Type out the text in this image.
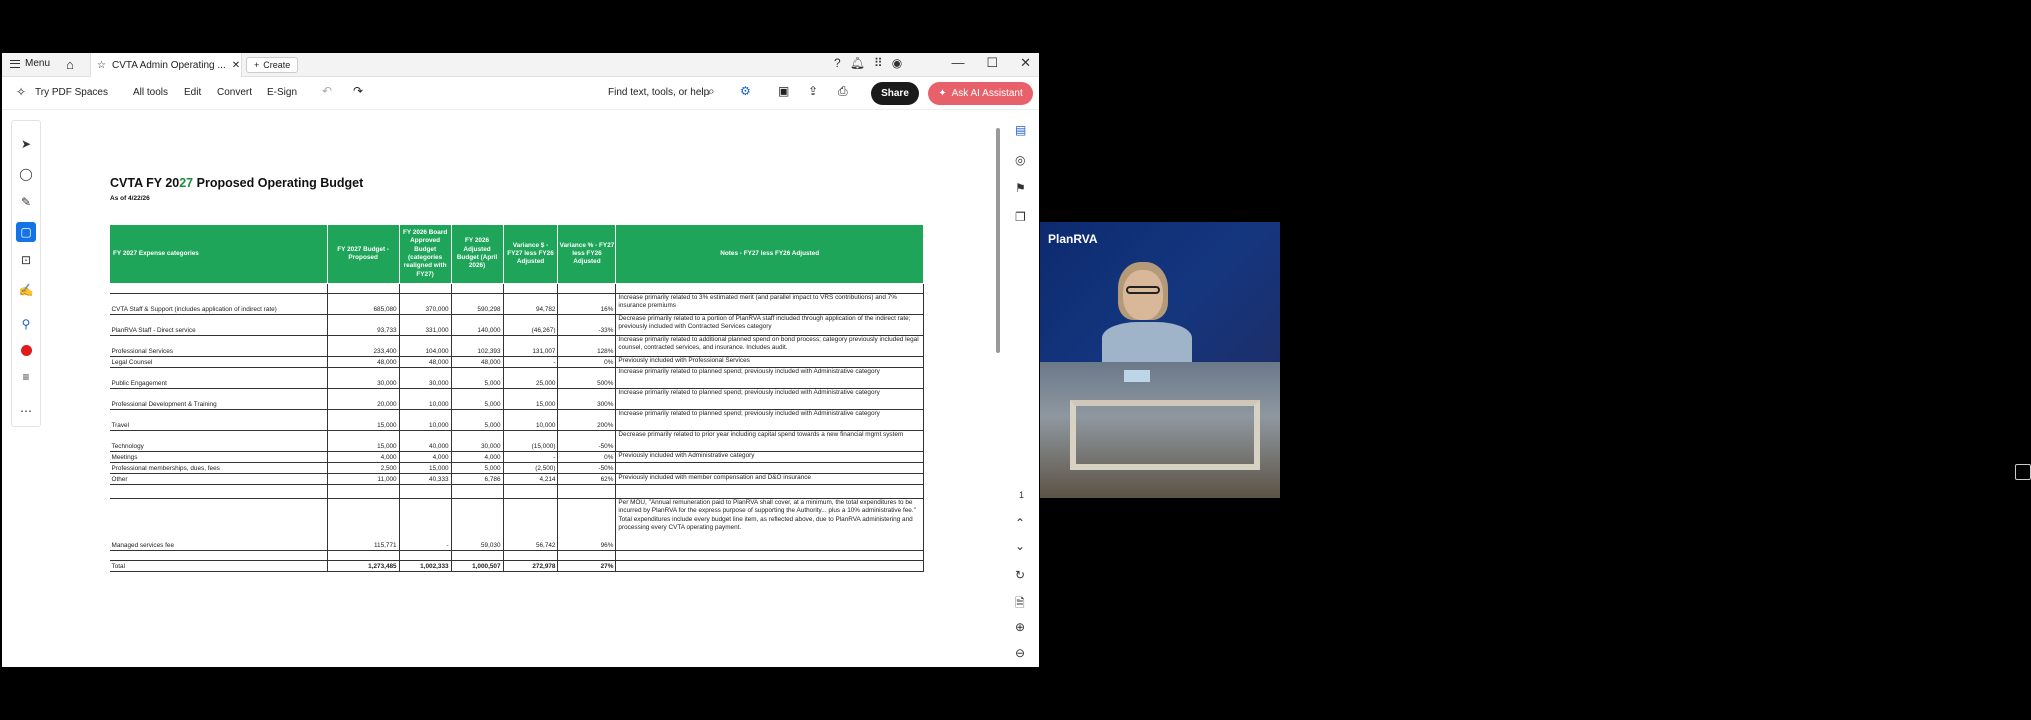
Menu ⌂ ☆ CVTA Admin Operating ... ✕ + Create	? 🔔︎ ⠿ ◉	— ☐ ✕
✧ Try PDF Spaces	All tools Edit Convert E-Sign ↶ ↷	Find text, tools, or help
⌕ ⚙ ▣ ⇪ ⎙	Share	✦ Ask AI Assistant
➤
◯
✎
▢
⊡
✍
⚲
≡
⋯
CVTA FY 2027 Proposed Operating Budget
As of 4/22/26
FY 2027 Expense categories	FY 2027 Budget - Proposed	FY 2026 Board Approved Budget (categories realigned with FY27)	FY 2026 Adjusted Budget (April 2026)	Variance $ - FY27 less FY26 Adjusted	Variance % - FY27 less FY26 Adjusted	Notes - FY27 less FY26 Adjusted

CVTA Staff & Support (includes application of indirect rate)	685,080	370,000	590,298	94,782	16%	Increase primarily related to 3% estimated merit (and parallel impact to VRS contributions) and 7% insurance premiums
PlanRVA Staff - Direct service	93,733	331,000	140,000	(46,267)	-33%	Decrease primarily related to a portion of PlanRVA staff included through application of the indirect rate; previously included with Contracted Services category
Professional Services	233,400	104,000	102,393	131,007	128%	Increase primarily related to additional planned spend on bond process; category previously included legal counsel, contracted services, and insurance. Includes audit.
Legal Counsel	48,000	48,000	48,000	-	0%	Previously included with Professional Services
Public Engagement	30,000	30,000	5,000	25,000	500%	Increase primarily related to planned spend; previously included with Administrative category
Professional Development & Training	20,000	10,000	5,000	15,000	300%	Increase primarily related to planned spend; previously included with Administrative category
Travel	15,000	10,000	5,000	10,000	200%	Increase primarily related to planned spend; previously included with Administrative category
Technology	15,000	40,000	30,000	(15,000)	-50%	Decrease primarily related to prior year including capital spend towards a new financial mgmt system
Meetings	4,000	4,000	4,000	-	0%	Previously included with Administrative category
Professional memberships, dues, fees	2,500	15,000	5,000	(2,500)	-50%	
Other	11,000	40,333	6,786	4,214	62%	Previously included with member compensation and D&O insurance

Managed services fee	115,771	-	59,030	56,742	96%	Per MOU, "Annual remuneration paid to PlanRVA shall cover, at a minimum, the total expenditures to be incurred by PlanRVA for the express purpose of supporting the Authority... plus a 10% administrative fee." Total expenditures include every budget line item, as reflected above, due to PlanRVA administering and processing every CVTA operating payment.

Total	1,273,485	1,002,333	1,000,507	272,978	27%	
▤
◎
⚑
❐
1
1
⌃
⌄
↻
🗎︎
⊕
⊖
PlanRVA
